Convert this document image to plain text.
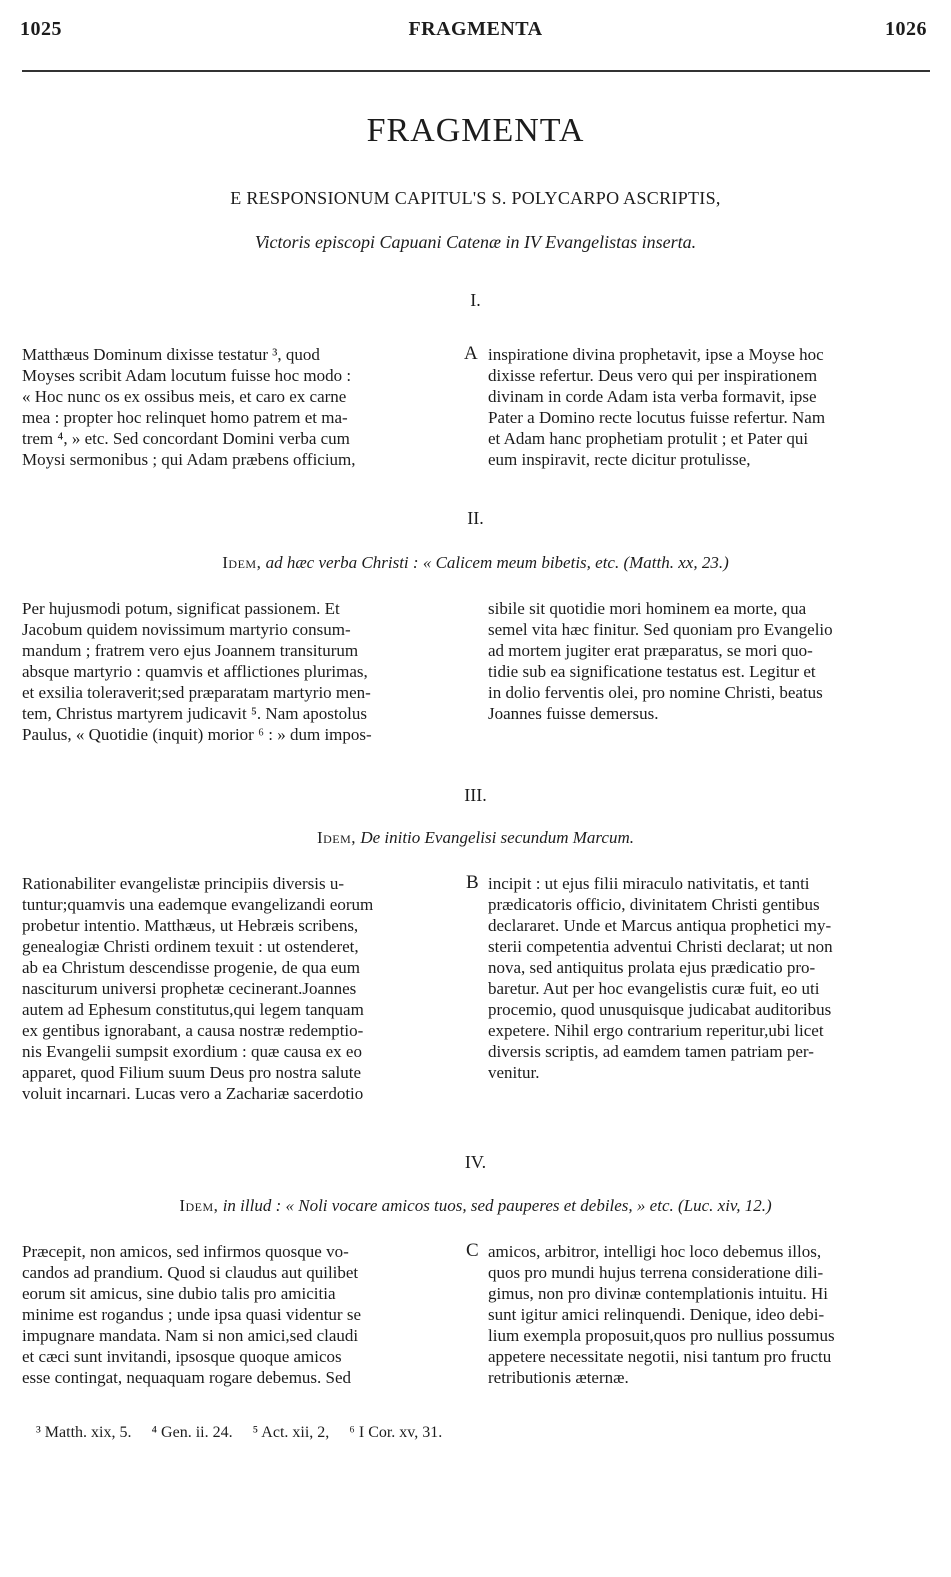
1025	FRAGMENTA	1026
FRAGMENTA
E RESPONSIONUM CAPITUL'S S. POLYCARPO ASCRIPTIS,
Victoris episcopi Capuani Catenæ in IV Evangelistas inserta.
I.
A
Matthæus Dominum dixisse testatur ³, quod
Moyses scribit Adam locutum fuisse hoc modo :
« Hoc nunc os ex ossibus meis, et caro ex carne
mea : propter hoc relinquet homo patrem et ma-
trem ⁴, » etc. Sed concordant Domini verba cum
Moysi sermonibus ; qui Adam præbens officium,
inspiratione divina prophetavit, ipse a Moyse hoc
dixisse refertur. Deus vero qui per inspirationem
divinam in corde Adam ista verba formavit, ipse
Pater a Domino recte locutus fuisse refertur. Nam
et Adam hanc prophetiam protulit ; et Pater qui
eum inspiravit, recte dicitur protulisse,
II.
Idem, ad hæc verba Christi : « Calicem meum bibetis, etc. (Matth. xx, 23.)
Per hujusmodi potum, significat passionem. Et
Jacobum quidem novissimum martyrio consum-
mandum ; fratrem vero ejus Joannem transiturum
absque martyrio : quamvis et afflictiones plurimas,
et exsilia toleraverit;sed præparatam martyrio men-
tem, Christus martyrem judicavit ⁵. Nam apostolus
Paulus, « Quotidie (inquit) morior ⁶ : » dum impos-
sibile sit quotidie mori hominem ea morte, qua
semel vita hæc finitur. Sed quoniam pro Evangelio
ad mortem jugiter erat præparatus, se mori quo-
tidie sub ea significatione testatus est. Legitur et
in dolio ferventis olei, pro nomine Christi, beatus
Joannes fuisse demersus.
III.
Idem, De initio Evangelisi secundum Marcum.
B
Rationabiliter evangelistæ principiis diversis u-
tuntur;quamvis una eademque evangelizandi eorum
probetur intentio. Matthæus, ut Hebræis scribens,
genealogiæ Christi ordinem texuit : ut ostenderet,
ab ea Christum descendisse progenie, de qua eum
nasciturum universi prophetæ cecinerant.Joannes
autem ad Ephesum constitutus,qui legem tanquam
ex gentibus ignorabant, a causa nostræ redemptio-
nis Evangelii sumpsit exordium : quæ causa ex eo
apparet, quod Filium suum Deus pro nostra salute
voluit incarnari. Lucas vero a Zachariæ sacerdotio
incipit : ut ejus filii miraculo nativitatis, et tanti
prædicatoris officio, divinitatem Christi gentibus
declararet. Unde et Marcus antiqua prophetici my-
sterii competentia adventui Christi declarat; ut non
nova, sed antiquitus prolata ejus prædicatio pro-
baretur. Aut per hoc evangelistis curæ fuit, eo uti
procemio, quod unusquisque judicabat auditoribus
expetere. Nihil ergo contrarium reperitur,ubi licet
diversis scriptis, ad eamdem tamen patriam per-
venitur.
IV.
Idem, in illud : « Noli vocare amicos tuos, sed pauperes et debiles, » etc. (Luc. xiv, 12.)
C
Præcepit, non amicos, sed infirmos quosque vo-
candos ad prandium. Quod si claudus aut quilibet
eorum sit amicus, sine dubio talis pro amicitia
minime est rogandus ; unde ipsa quasi videntur se
impugnare mandata. Nam si non amici,sed claudi
et cæci sunt invitandi, ipsosque quoque amicos
esse contingat, nequaquam rogare debemus. Sed
amicos, arbitror, intelligi hoc loco debemus illos,
quos pro mundi hujus terrena consideratione dili-
gimus, non pro divinæ contemplationis intuitu. Hi
sunt igitur amici relinquendi. Denique, ideo debi-
lium exempla proposuit,quos pro nullius possumus
appetere necessitate negotii, nisi tantum pro fructu
retributionis æternæ.
³ Matth. xix, 5. ⁴ Gen. ii. 24. ⁵ Act. xii, 2, ⁶ I Cor. xv, 31.
